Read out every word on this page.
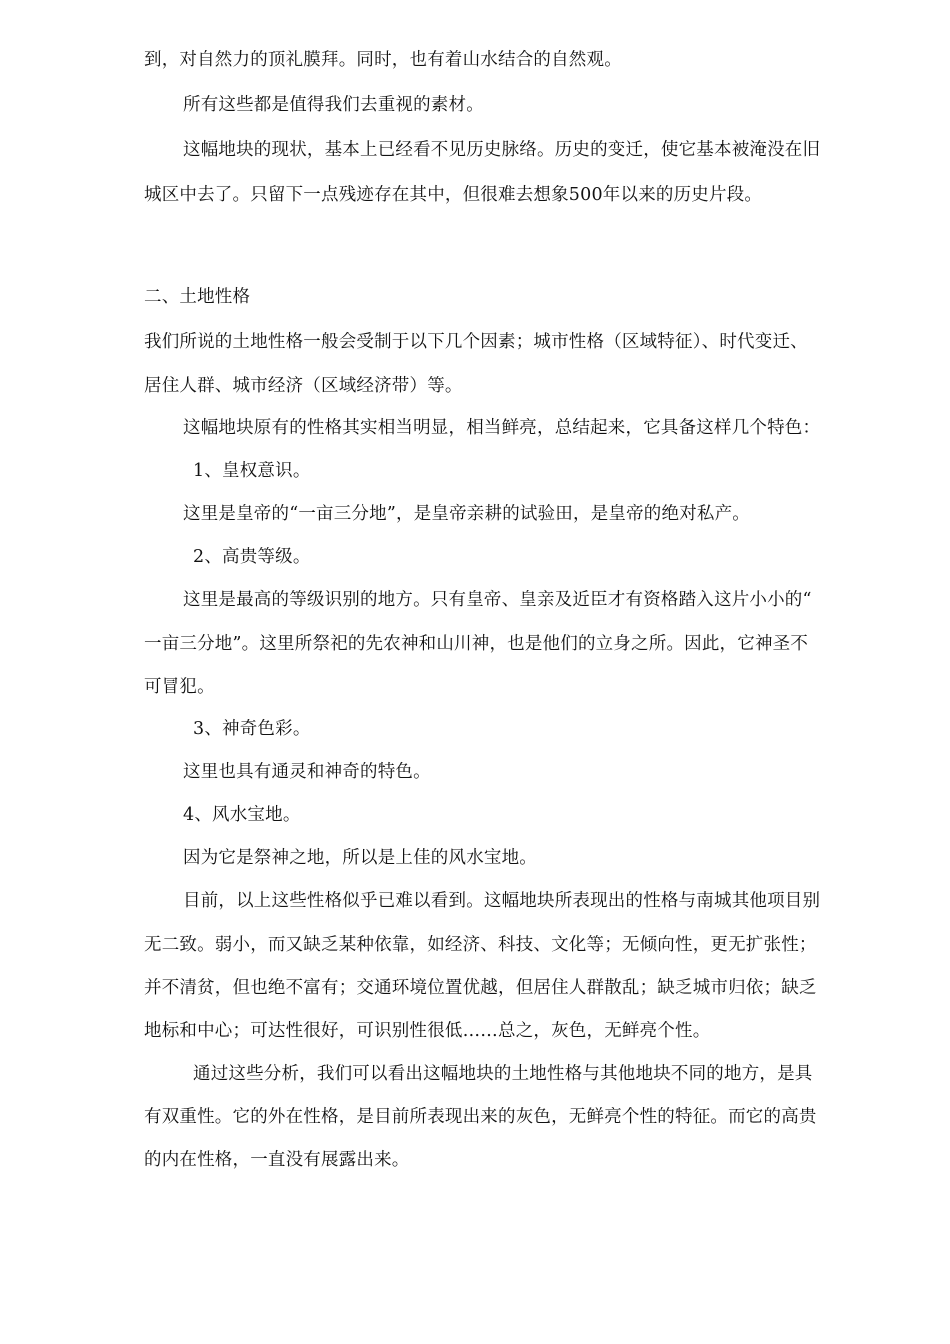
到，对自然力的顶礼膜拜。同时，也有着山水结合的自然观。
所有这些都是值得我们去重视的素材。
这幅地块的现状，基本上已经看不见历史脉络。历史的变迁，使它基本被淹没在旧
城区中去了。只留下一点残迹存在其中，但很难去想象500年以来的历史片段。
二、土地性格
我们所说的土地性格一般会受制于以下几个因素；城市性格（区域特征）、时代变迁、
居住人群、城市经济（区域经济带）等。
这幅地块原有的性格其实相当明显，相当鲜亮，总结起来，它具备这样几个特色：
1、皇权意识。
这里是皇帝的“一亩三分地”，是皇帝亲耕的试验田，是皇帝的绝对私产。
2、高贵等级。
这里是最高的等级识别的地方。只有皇帝、皇亲及近臣才有资格踏入这片小小的“
一亩三分地”。这里所祭祀的先农神和山川神，也是他们的立身之所。因此，它神圣不
可冒犯。
3、神奇色彩。
这里也具有通灵和神奇的特色。
4、风水宝地。
因为它是祭神之地，所以是上佳的风水宝地。
目前，以上这些性格似乎已难以看到。这幅地块所表现出的性格与南城其他项目别
无二致。弱小，而又缺乏某种依靠，如经济、科技、文化等；无倾向性，更无扩张性；
并不清贫，但也绝不富有；交通环境位置优越，但居住人群散乱；缺乏城市归依；缺乏
地标和中心；可达性很好，可识别性很低……总之，灰色，无鲜亮个性。
通过这些分析，我们可以看出这幅地块的土地性格与其他地块不同的地方，是具
有双重性。它的外在性格，是目前所表现出来的灰色，无鲜亮个性的特征。而它的高贵
的内在性格，一直没有展露出来。
